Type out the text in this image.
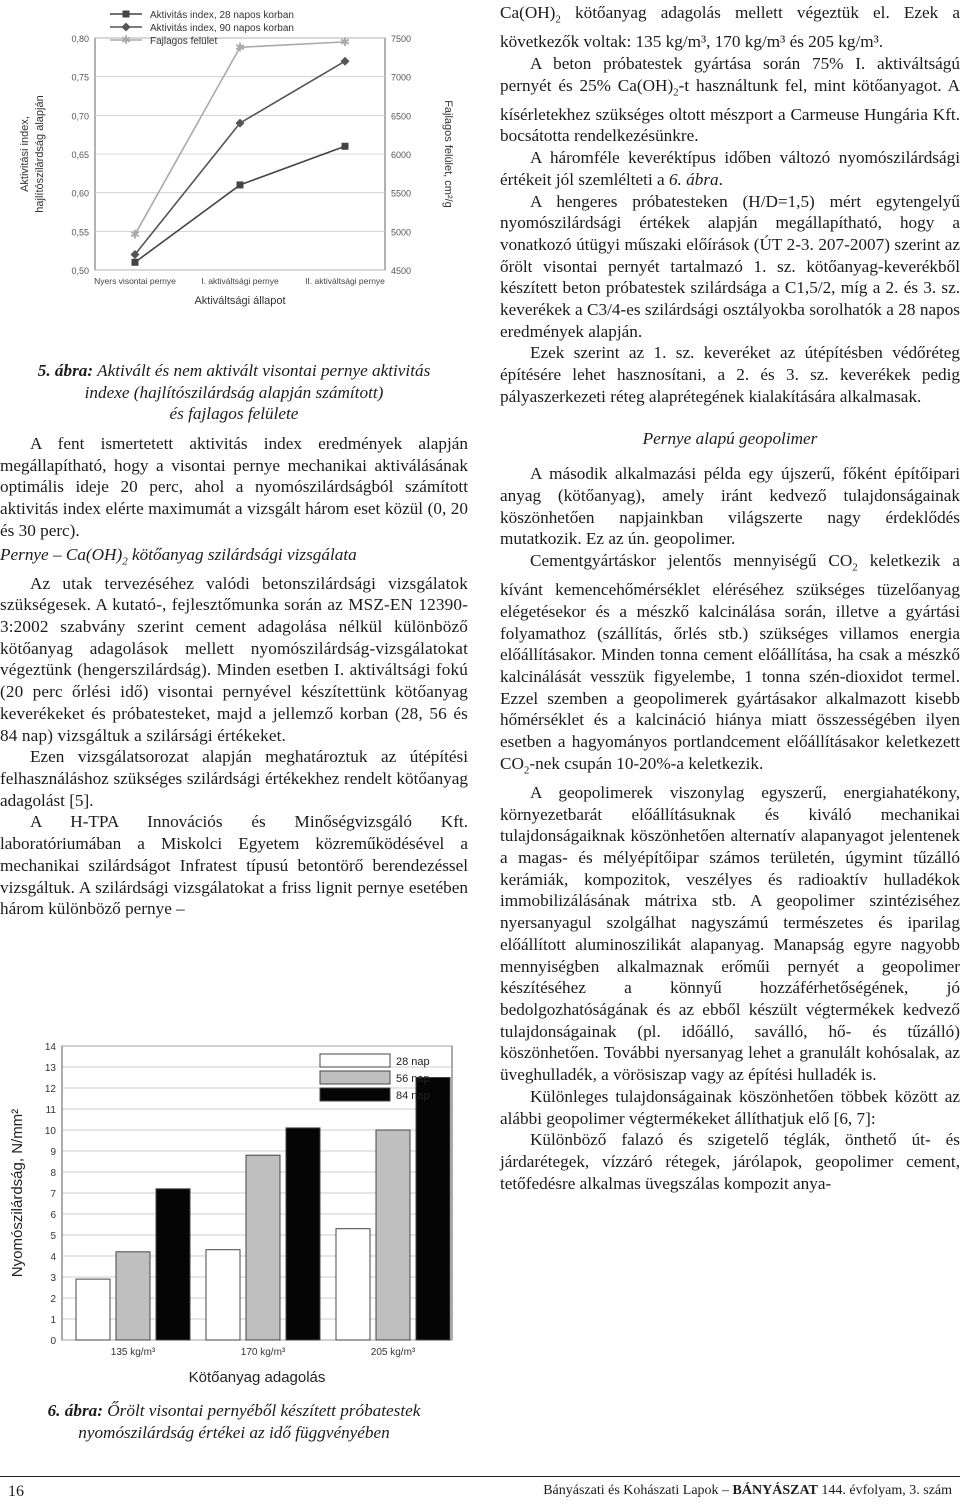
0,50
0,55
0,60
0,65
0,70
0,75
0,80
4500
5000
5500
6000
6500
7000
7500
Nyers visontai pernye	I. aktiváltsági pernye	II. aktiváltsági pernye
Aktiváltsági állapot
Aktivitási index, hajlítószilárdság alapján	Fajlagos felület, cm²/g
✱
✱	✱
Aktivitás index, 28 napos korban
Aktivitás index, 90 napos korban
✱ Fajlagos felület

5. ábra: Aktivált és nem aktivált visontai pernye aktivitás
indexe (hajlítószilárdság alapján számított)
és fajlagos felülete

A fent ismertetett aktivitás index eredmények alapján megállapítható, hogy a visontai pernye mechanikai aktiválásának optimális ideje 20 perc, ahol a nyomószilárdságból számított aktivitás index elérte maximumát a vizsgált három eset közül (0, 20 és 30 perc).

Pernye – $Ca(OH)_2$ kötőanyag szilárdsági vizsgálata

Az utak tervezéséhez valódi betonszilárdsági vizsgálatok szükségesek. A kutató-, fejlesztőmunka során az MSZ-EN 12390-3:2002 szabvány szerint cement adagolása nélkül különböző kötőanyag adagolások mellett nyomószilárdság-vizsgálatokat végeztünk (hengerszilárdság). Minden esetben I. aktiváltsági fokú (20 perc őrlési idő) visontai pernyével készítettünk kötőanyag keverékeket és próbatesteket, majd a jellemző korban (28, 56 és 84 nap) vizsgáltuk a szilársági értékeket.

Ezen vizsgálatsorozat alapján meghatároztuk az útépítési felhasználáshoz szükséges szilárdsági értékekhez rendelt kötőanyag adagolást [5].

A H-TPA Innovációs és Minőségvizsgáló Kft. laboratóriumában a Miskolci Egyetem közreműködésével a mechanikai szilárdságot Infratest típusú betontörő berendezéssel vizsgáltuk. A szilárdsági vizsgálatokat a friss lignit pernye esetében három különböző pernye –

0
1
2
3
4
5
6
7
8
9
10
11
12
13
14
Nyomószilárdság, N/mm²
Kötőanyag adagolás
135 kg/m³	170 kg/m³	205 kg/m³
28 nap
56 nap
84 nap

6. ábra: Őrölt visontai pernyéből készített próbatestek
nyomószilárdság értékei az idő függvényében

$Ca(OH)_2$ kötőanyag adagolás mellett végeztük el. Ezek a következők voltak: 135 kg/m³, 170 kg/m³ és 205 kg/m³.

A beton próbatestek gyártása során 75% I. aktiváltságú pernyét és 25% $Ca(OH)_2-t$ használtunk fel, mint kötőanyagot. A kísérletekhez szükséges oltott mészport a Carmeuse Hungária Kft. bocsátotta rendelkezésünkre.

A háromféle keveréktípus időben változó nyomószilárdsági értékeit jól szemlélteti a 6. ábra.

A hengeres próbatesteken (H/D=1,5) mért egytengelyű nyomószilárdsági értékek alapján megállapítható, hogy a vonatkozó útügyi műszaki előírások (ÚT 2-3. 207-2007) szerint az őrölt visontai pernyét tartalmazó 1. sz. kötőanyag-keverékből készített beton próbatestek szilárdsága a C1,5/2, míg a 2. és 3. sz. keverékek a C3/4-es szilárdsági osztályokba sorolhatók a 28 napos eredmények alapján.

Ezek szerint az 1. sz. keveréket az útépítésben védőréteg építésére lehet hasznosítani, a 2. és 3. sz. keverékek pedig pályaszerkezeti réteg alaprétegének kialakítására alkalmasak.

Pernye alapú geopolimer

A második alkalmazási példa egy újszerű, főként építőipari anyag (kötőanyag), amely iránt kedvező tulajdonságainak köszönhetően napjainkban világszerte nagy érdeklődés mutatkozik. Ez az ún. geopolimer.

Cementgyártáskor jelentős mennyiségű $CO_2$ keletkezik a kívánt kemencehőmérséklet eléréséhez szükséges tüzelőanyag elégetésekor és a mészkő kalcinálása során, illetve a gyártási folyamathoz (szállítás, őrlés stb.) szükséges villamos energia előállításakor. Minden tonna cement előállítása, ha csak a mészkő kalcinálását vesszük figyelembe, 1 tonna szén-dioxidot termel. Ezzel szemben a geopolimerek gyártásakor alkalmazott kisebb hőmérséklet és a kalcináció hiánya miatt összességében ilyen esetben a hagyományos portlandcement előállításakor keletkezett $CO_2$-nek csupán 10-20%-a keletkezik.

A geopolimerek viszonylag egyszerű, energiahatékony, környezetbarát előállításuknak és kiváló mechanikai tulajdonságaiknak köszönhetően alternatív alapanyagot jelentenek a magas- és mélyépítőipar számos területén, úgymint tűzálló kerámiák, kompozitok, veszélyes és radioaktív hulladékok immobilizálásának mátrixa stb. A geopolimer szintéziséhez nyersanyagul szolgálhat nagyszámú természetes és iparilag előállított aluminoszilikát alapanyag. Manapság egyre nagyobb mennyiségben alkalmaznak erőműi pernyét a geopolimer készítéséhez a könnyű hozzáférhetőségének, jó bedolgozhatóságának és az ebből készült végtermékek kedvező tulajdonságainak (pl. időálló, saválló, hő- és tűzálló) köszönhetően. További nyersanyag lehet a granulált kohósalak, az üveghulladék, a vörösiszap vagy az építési hulladék is.

Különleges tulajdonságainak köszönhetően többek között az alábbi geopolimer végtermékeket állíthatjuk elő [6, 7]:

Különböző falazó és szigetelő téglák, önthető út- és járdarétegek, vízzáró rétegek, járólapok, geopolimer cement, tetőfedésre alkalmas üvegszálas kompozit anya-

16	Bányászati és Kohászati Lapok – BÁNYÁSZAT 144. évfolyam, 3. szám
